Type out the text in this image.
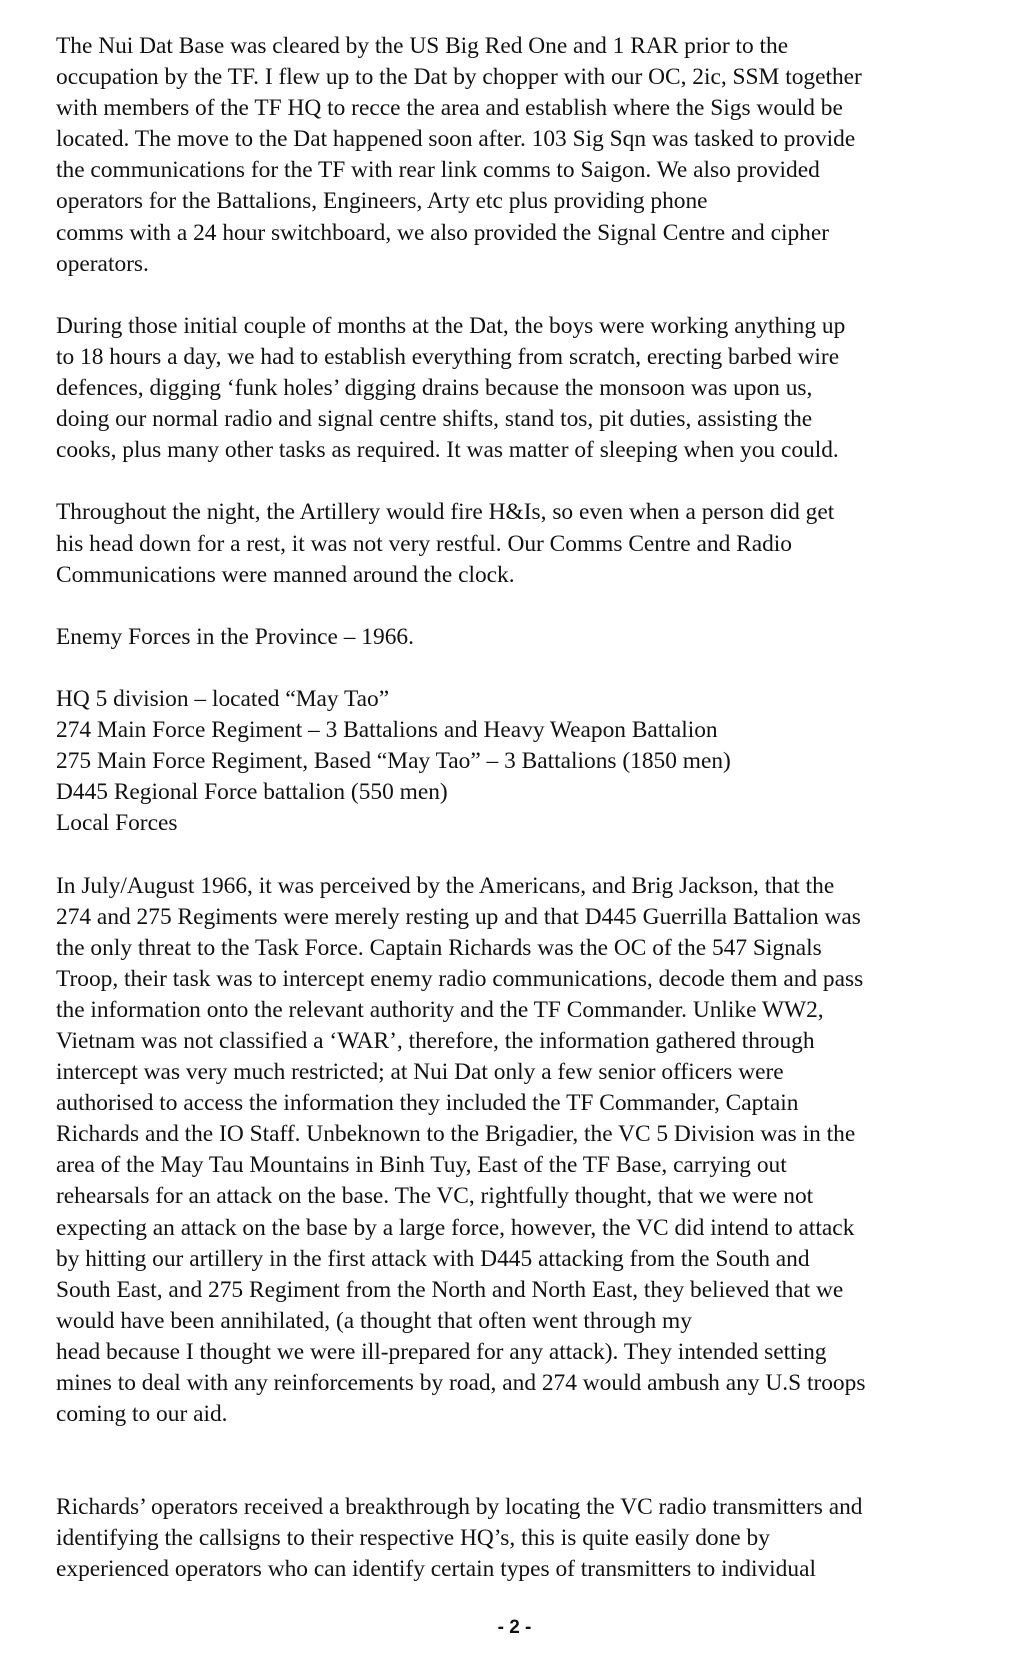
The Nui Dat Base was cleared by the US Big Red One and 1 RAR prior to the
occupation by the TF. I flew up to the Dat by chopper with our OC, 2ic, SSM together
with members of the TF HQ to recce the area and establish where the Sigs would be
located. The move to the Dat happened soon after. 103 Sig Sqn was tasked to provide
the communications for the TF with rear link comms to Saigon. We also provided
operators for the Battalions, Engineers, Arty etc plus providing phone
comms with a 24 hour switchboard, we also provided the Signal Centre and cipher
operators.
During those initial couple of months at the Dat, the boys were working anything up
to 18 hours a day, we had to establish everything from scratch, erecting barbed wire
defences, digging ‘funk holes’ digging drains because the monsoon was upon us,
doing our normal radio and signal centre shifts, stand tos, pit duties, assisting the
cooks, plus many other tasks as required. It was matter of sleeping when you could.
Throughout the night, the Artillery would fire H&Is, so even when a person did get
his head down for a rest, it was not very restful. Our Comms Centre and Radio
Communications were manned around the clock.
Enemy Forces in the Province – 1966.
HQ 5 division – located “May Tao”
274 Main Force Regiment – 3 Battalions and Heavy Weapon Battalion
275 Main Force Regiment, Based “May Tao” – 3 Battalions (1850 men)
D445 Regional Force battalion (550 men)
Local Forces
In July/August 1966, it was perceived by the Americans, and Brig Jackson, that the
274 and 275 Regiments were merely resting up and that D445 Guerrilla Battalion was
the only threat to the Task Force. Captain Richards was the OC of the 547 Signals
Troop, their task was to intercept enemy radio communications, decode them and pass
the information onto the relevant authority and the TF Commander. Unlike WW2,
Vietnam was not classified a ‘WAR’, therefore, the information gathered through
intercept was very much restricted; at Nui Dat only a few senior officers were
authorised to access the information they included the TF Commander, Captain
Richards and the IO Staff. Unbeknown to the Brigadier, the VC 5 Division was in the
area of the May Tau Mountains in Binh Tuy, East of the TF Base, carrying out
rehearsals for an attack on the base. The VC, rightfully thought, that we were not
expecting an attack on the base by a large force, however, the VC did intend to attack
by hitting our artillery in the first attack with D445 attacking from the South and
South East, and 275 Regiment from the North and North East, they believed that we
would have been annihilated, (a thought that often went through my
head because I thought we were ill-prepared for any attack). They intended setting
mines to deal with any reinforcements by road, and 274 would ambush any U.S troops
coming to our aid.
Richards’ operators received a breakthrough by locating the VC radio transmitters and
identifying the callsigns to their respective HQ’s, this is quite easily done by
experienced operators who can identify certain types of transmitters to individual
- 2 -
